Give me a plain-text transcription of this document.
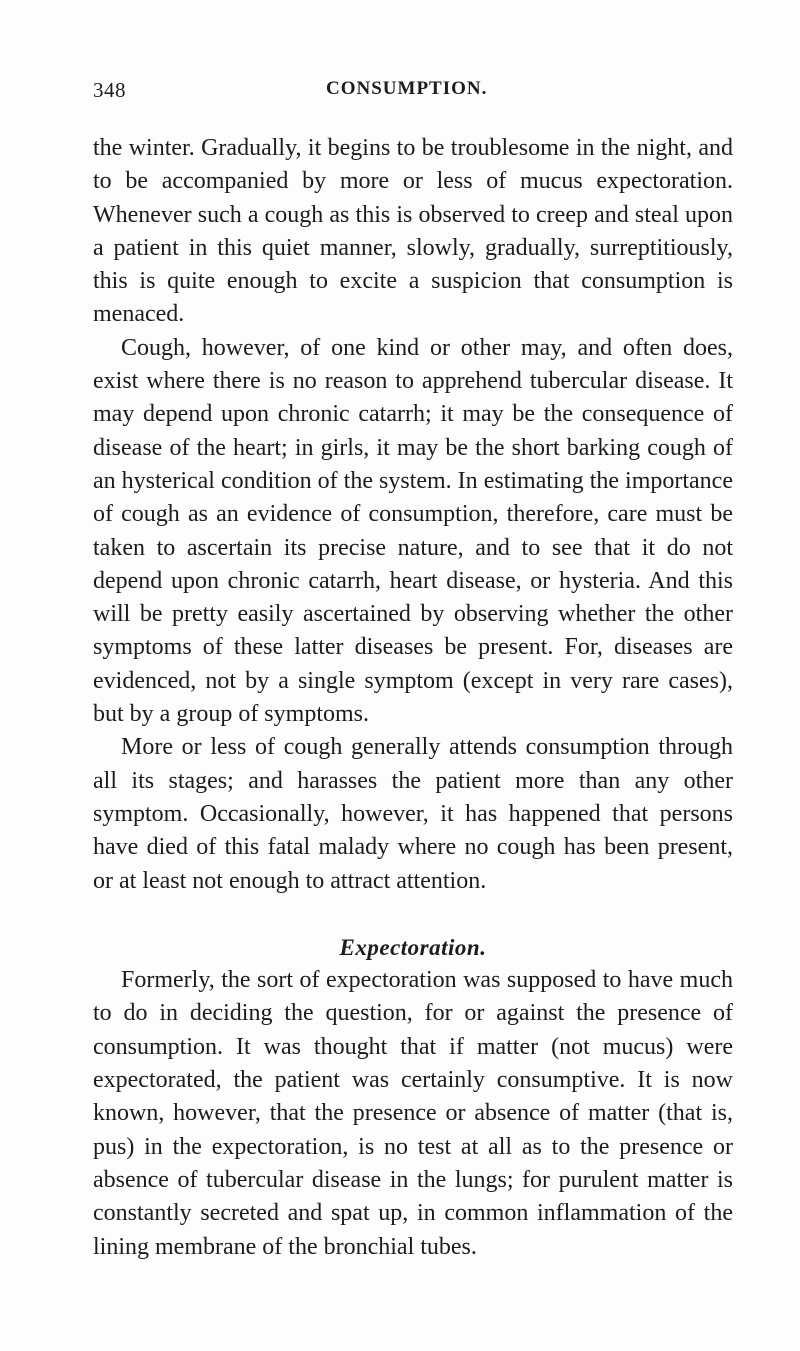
348	CONSUMPTION.

the winter. Gradually, it begins to be troublesome in the night, and to be accompanied by more or less of mucus expectoration. Whenever such a cough as this is observed to creep and steal upon a patient in this quiet manner, slowly, gradually, surreptitiously, this is quite enough to excite a suspicion that consumption is menaced.

Cough, however, of one kind or other may, and often does, exist where there is no reason to apprehend tubercular disease. It may depend upon chronic catarrh; it may be the consequence of disease of the heart; in girls, it may be the short barking cough of an hysterical condition of the system. In estimating the importance of cough as an evidence of consumption, therefore, care must be taken to ascertain its precise nature, and to see that it do not depend upon chronic catarrh, heart disease, or hysteria. And this will be pretty easily ascertained by observing whether the other symptoms of these latter diseases be present. For, diseases are evidenced, not by a single symptom (except in very rare cases), but by a group of symptoms.

More or less of cough generally attends consumption through all its stages; and harasses the patient more than any other symptom. Occasionally, however, it has happened that persons have died of this fatal malady where no cough has been present, or at least not enough to attract attention.

Expectoration.

Formerly, the sort of expectoration was supposed to have much to do in deciding the question, for or against the presence of consumption. It was thought that if matter (not mucus) were expectorated, the patient was certainly consumptive. It is now known, however, that the presence or absence of matter (that is, pus) in the expectoration, is no test at all as to the presence or absence of tubercular disease in the lungs; for purulent matter is constantly secreted and spat up, in common inflammation of the lining membrane of the bronchial tubes.
